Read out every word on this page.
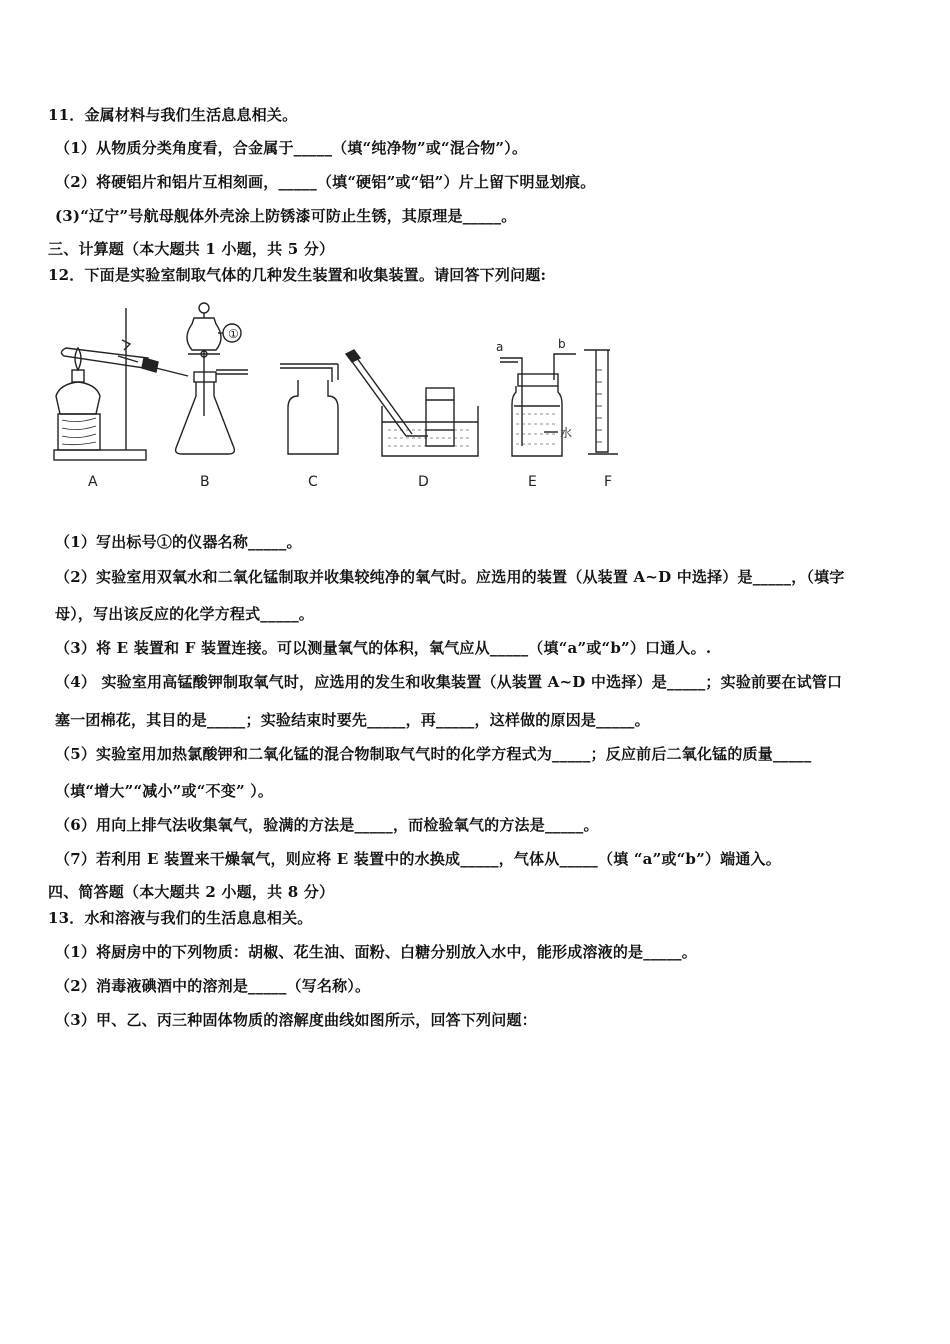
11．金属材料与我们生活息息相关。
（1）从物质分类角度看，合金属于_____（填“纯净物”或“混合物”）。
（2）将硬铝片和铝片互相刻画，_____（填“硬铝”或“铝”）片上留下明显划痕。
(3)“辽宁”号航母舰体外壳涂上防锈漆可防止生锈，其原理是_____。
三、计算题（本大题共 1 小题，共 5 分）
12．下面是实验室制取气体的几种发生装置和收集装置。请回答下列问题:
A
①
B	C	D
a	b
水
E	F
（1）写出标号①的仪器名称_____。
（2）实验室用双氧水和二氧化锰制取并收集较纯净的氧气时。应选用的装置（从装置 A~D 中选择）是_____，（填字
母），写出该反应的化学方程式_____。
（3）将 E 装置和 F 装置连接。可以测量氧气的体积，氧气应从_____（填“a”或“b”）口通人。.
（4） 实验室用高锰酸钾制取氧气时，应选用的发生和收集装置（从装置 A~D 中选择）是_____；实验前要在试管口
塞一团棉花，其目的是_____；实验结束时要先_____，再_____，这样做的原因是_____。
（5）实验室用加热氯酸钾和二氧化锰的混合物制取气气时的化学方程式为_____；反应前后二氧化锰的质量_____
（填“增大”“减小”或“不变” ）。
（6）用向上排气法收集氧气，验满的方法是_____，而检验氧气的方法是_____。
（7）若利用 E 装置来干燥氧气，则应将 E 装置中的水换成_____，气体从_____（填 “a”或“b”）端通入。
四、简答题（本大题共 2 小题，共 8 分）
13．水和溶液与我们的生活息息相关。
（1）将厨房中的下列物质：胡椒、花生油、面粉、白糖分别放入水中，能形成溶液的是_____。
（2）消毒液碘酒中的溶剂是_____（写名称）。
（3）甲、乙、丙三种固体物质的溶解度曲线如图所示，回答下列问题：
